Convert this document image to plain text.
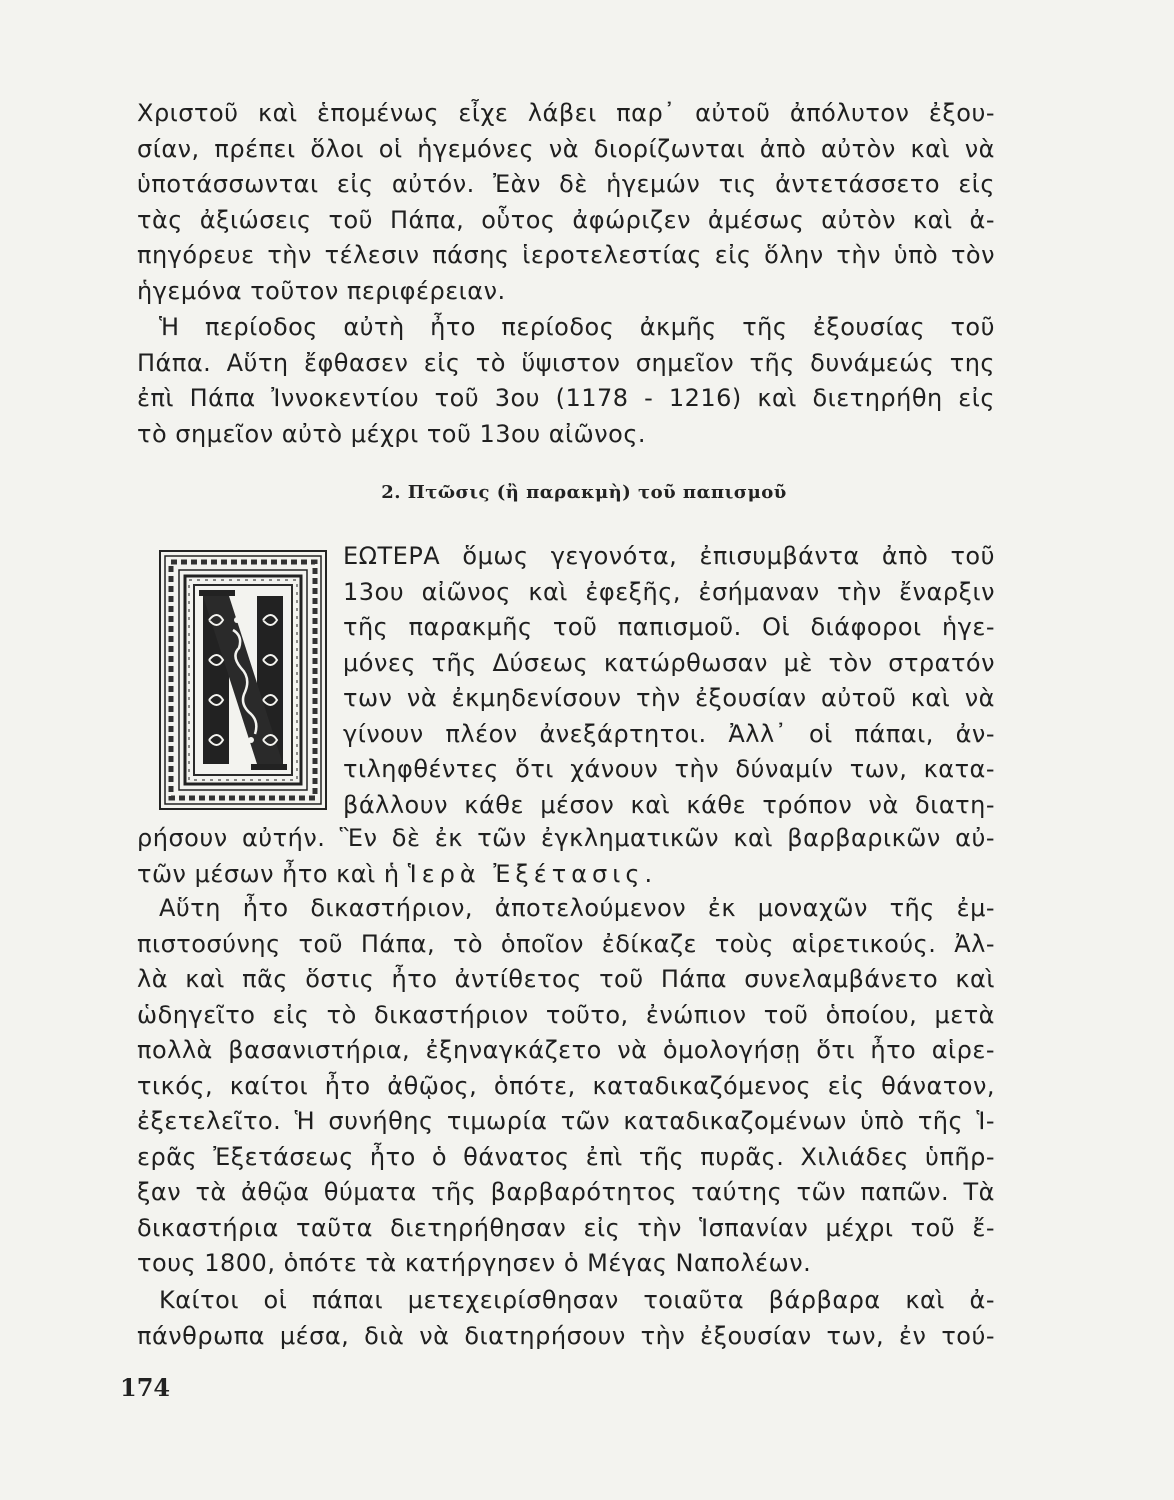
Χριστοῦ καὶ ἑπομένως εἶχε λάβει παρ᾽ αὐτοῦ ἀπόλυτον ἐξου-
σίαν, πρέπει ὅλοι οἱ ἡγεμόνες νὰ διορίζωνται ἀπὸ αὐτὸν καὶ νὰ
ὑποτάσσωνται εἰς αὐτόν. Ἐὰν δὲ ἡγεμών τις ἀντετάσσετο εἰς
τὰς ἀξιώσεις τοῦ Πάπα, οὗτος ἀφώριζεν ἀμέσως αὐτὸν καὶ ἀ-
πηγόρευε τὴν τέλεσιν πάσης ἱεροτελεστίας εἰς ὅλην τὴν ὑπὸ τὸν
ἡγεμόνα τοῦτον περιφέρειαν.
Ἡ περίοδος αὐτὴ ἦτο περίοδος ἀκμῆς τῆς ἐξουσίας τοῦ
Πάπα. Αὕτη ἔφθασεν εἰς τὸ ὕψιστον σημεῖον τῆς δυνάμεώς της
ἐπὶ Πάπα Ἰννοκεντίου τοῦ 3ου (1178 - 1216) καὶ διετηρήθη εἰς
τὸ σημεῖον αὐτὸ μέχρι τοῦ 13ου αἰῶνος.
2. Πτῶσις (ἢ παρακμὴ) τοῦ παπισμοῦ
ΕΩΤΕΡΑ ὅμως γεγονότα, ἐπισυμβάντα ἀπὸ τοῦ
13ου αἰῶνος καὶ ἐφεξῆς, ἐσήμαναν τὴν ἔναρξιν
τῆς παρακμῆς τοῦ παπισμοῦ. Οἱ διάφοροι ἡγε-
μόνες τῆς Δύσεως κατώρθωσαν μὲ τὸν στρατόν
των νὰ ἐκμηδενίσουν τὴν ἐξουσίαν αὐτοῦ καὶ νὰ
γίνουν πλέον ἀνεξάρτητοι. Ἀλλ᾽ οἱ πάπαι, ἀν-
τιληφθέντες ὅτι χάνουν τὴν δύναμίν των, κατα-
βάλλουν κάθε μέσον καὶ κάθε τρόπον νὰ διατη-
ρήσουν αὐτήν. Ἓν δὲ ἐκ τῶν ἐγκληματικῶν καὶ βαρβαρικῶν αὐ-
τῶν μέσων ἦτο καὶ ἡ Ἱερὰ Ἐξέτασις.
Αὕτη ἦτο δικαστήριον, ἀποτελούμενον ἐκ μοναχῶν τῆς ἐμ-
πιστοσύνης τοῦ Πάπα, τὸ ὁποῖον ἐδίκαζε τοὺς αἱρετικούς. Ἀλ-
λὰ καὶ πᾶς ὅστις ἦτο ἀντίθετος τοῦ Πάπα συνελαμβάνετο καὶ
ὡδηγεῖτο εἰς τὸ δικαστήριον τοῦτο, ἐνώπιον τοῦ ὁποίου, μετὰ
πολλὰ βασανιστήρια, ἐξηναγκάζετο νὰ ὁμολογήσῃ ὅτι ἦτο αἱρε-
τικός, καίτοι ἦτο ἀθῷος, ὁπότε, καταδικαζόμενος εἰς θάνατον,
ἐξετελεῖτο. Ἡ συνήθης τιμωρία τῶν καταδικαζομένων ὑπὸ τῆς Ἱ-
ερᾶς Ἐξετάσεως ἦτο ὁ θάνατος ἐπὶ τῆς πυρᾶς. Χιλιάδες ὑπῆρ-
ξαν τὰ ἀθῷα θύματα τῆς βαρβαρότητος ταύτης τῶν παπῶν. Τὰ
δικαστήρια ταῦτα διετηρήθησαν εἰς τὴν Ἱσπανίαν μέχρι τοῦ ἔ-
τους 1800, ὁπότε τὰ κατήργησεν ὁ Μέγας Ναπολέων.
Καίτοι οἱ πάπαι μετεχειρίσθησαν τοιαῦτα βάρβαρα καὶ ἀ-
πάνθρωπα μέσα, διὰ νὰ διατηρήσουν τὴν ἐξουσίαν των, ἐν τού-
174
